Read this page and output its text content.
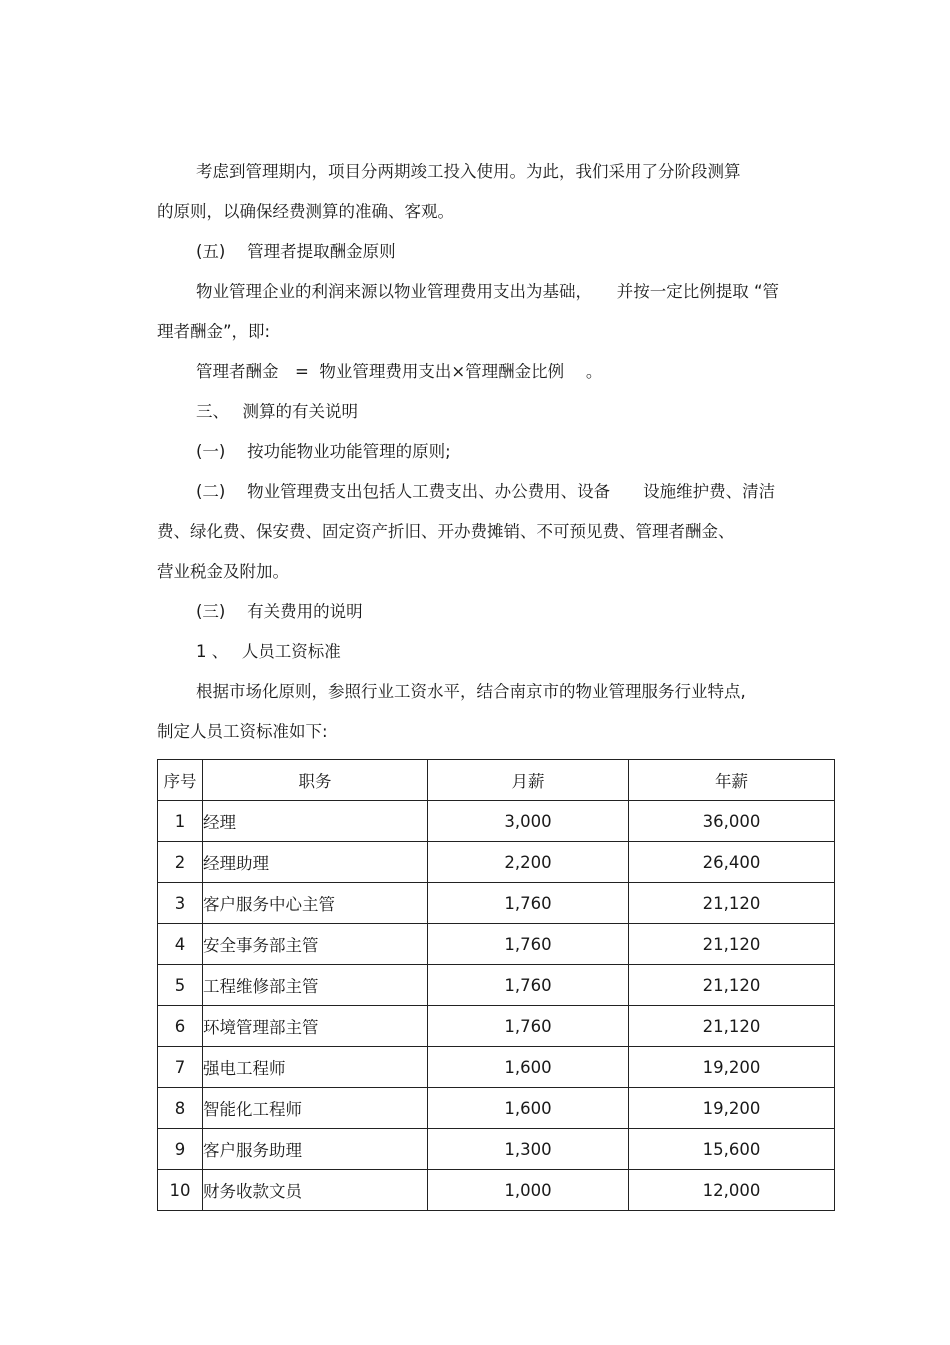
考虑到管理期内，项目分两期竣工投入使用。为此，我们采用了分阶段测算
的原则，以确保经费测算的准确、客观。
(五)　 管理者提取酬金原则
物业管理企业的利润来源以物业管理费用支出为基础，　　并按一定比例提取 “管
理者酬金”，即:
管理者酬金　=  物业管理费用支出×管理酬金比例　 。
三、　 测算的有关说明
(一)　 按功能物业功能管理的原则;
(二)　 物业管理费支出包括人工费支出、办公费用、设备　　设施维护费、清洁
费、绿化费、保安费、固定资产折旧、开办费摊销、不可预见费、管理者酬金、
营业税金及附加。
(三)　 有关费用的说明
1 、　 人员工资标准
根据市场化原则，参照行业工资水平，结合南京市的物业管理服务行业特点,
制定人员工资标准如下:
序号	职务	月薪	年薪
1	经理	3,000	36,000
2	经理助理	2,200	26,400
3	客户服务中心主管	1,760	21,120
4	安全事务部主管	1,760	21,120
5	工程维修部主管	1,760	21,120
6	环境管理部主管	1,760	21,120
7	强电工程师	1,600	19,200
8	智能化工程师	1,600	19,200
9	客户服务助理	1,300	15,600
10	财务收款文员	1,000	12,000
